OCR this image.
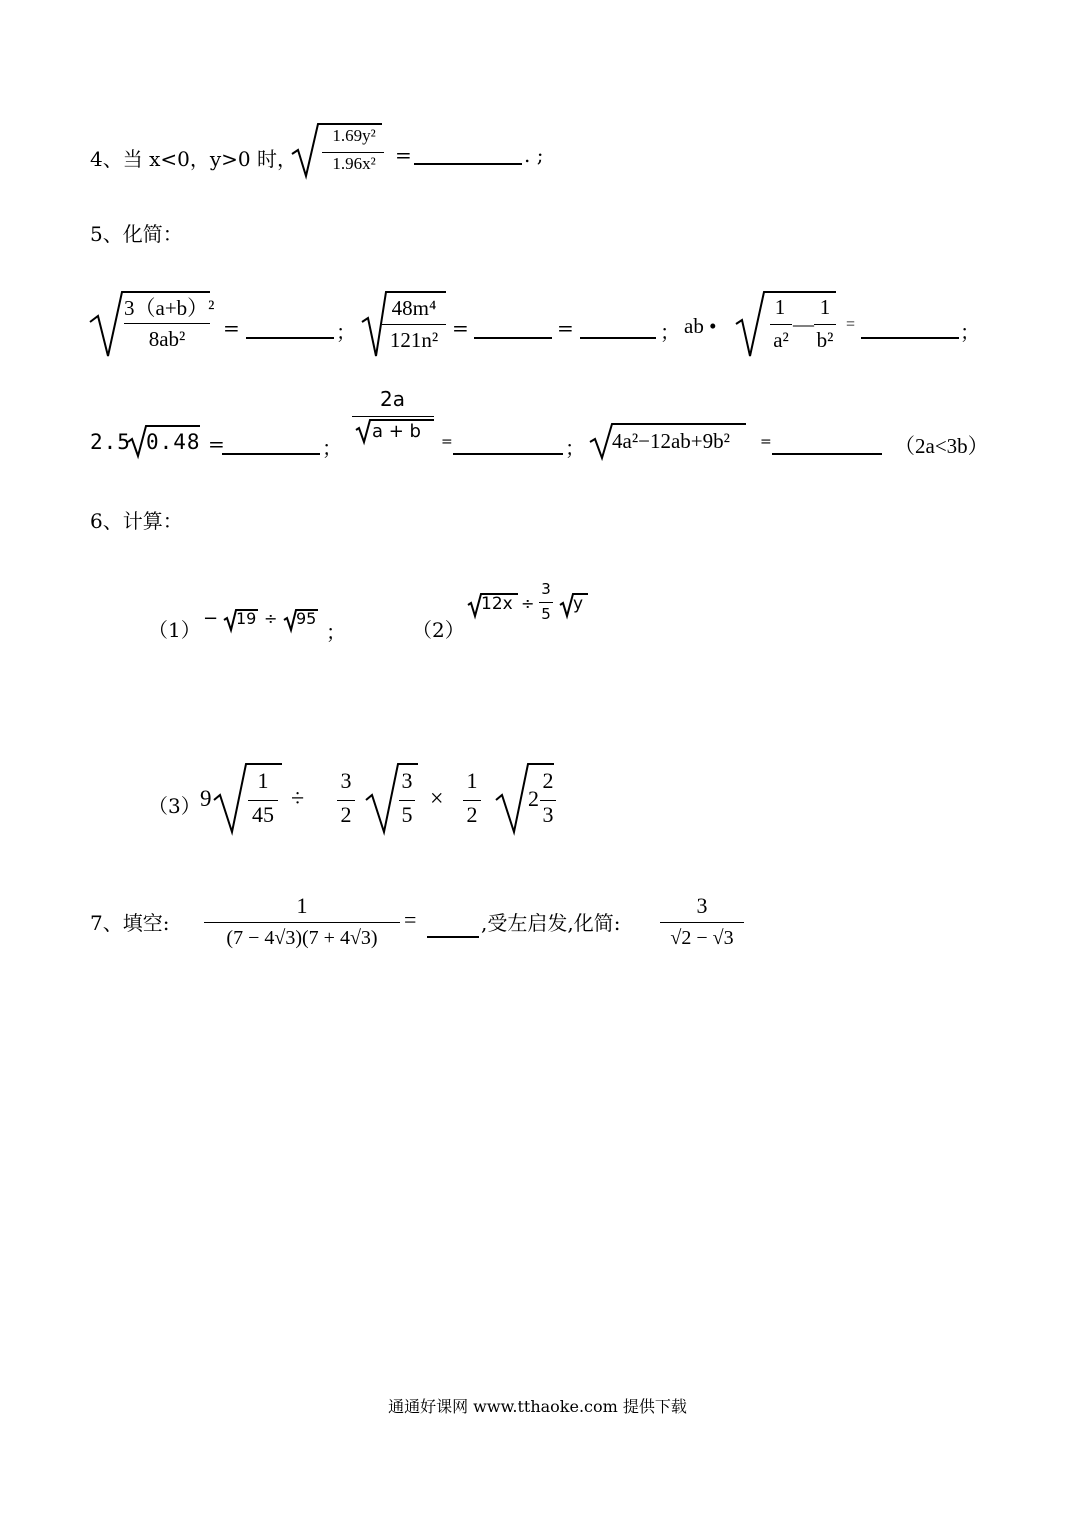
4、当 x<0，y>0 时，
1.69y²
1.96x² =	. ;
5、化简：
3（a+b）²
8ab²	=	；
48m⁴
121n² =	=	； ab •
1
a²
—
1
b²
=	；
2.5 0.48 =	；
2a
a + b =	； 4a²−12ab+9b² =	（2a<3b）
6、计算：
（1） − 19 ÷ 95
；	（2）
12x ÷
3
5 y
（3） 9
1
45
÷
3
2
3
5
×
1
2
2
2
3
7、填空:
1
(7 − 4√3)(7 + 4√3)
=	,受左启发,化简:
3
√2 − √3
通通好课网 www.tthaoke.com 提供下载
